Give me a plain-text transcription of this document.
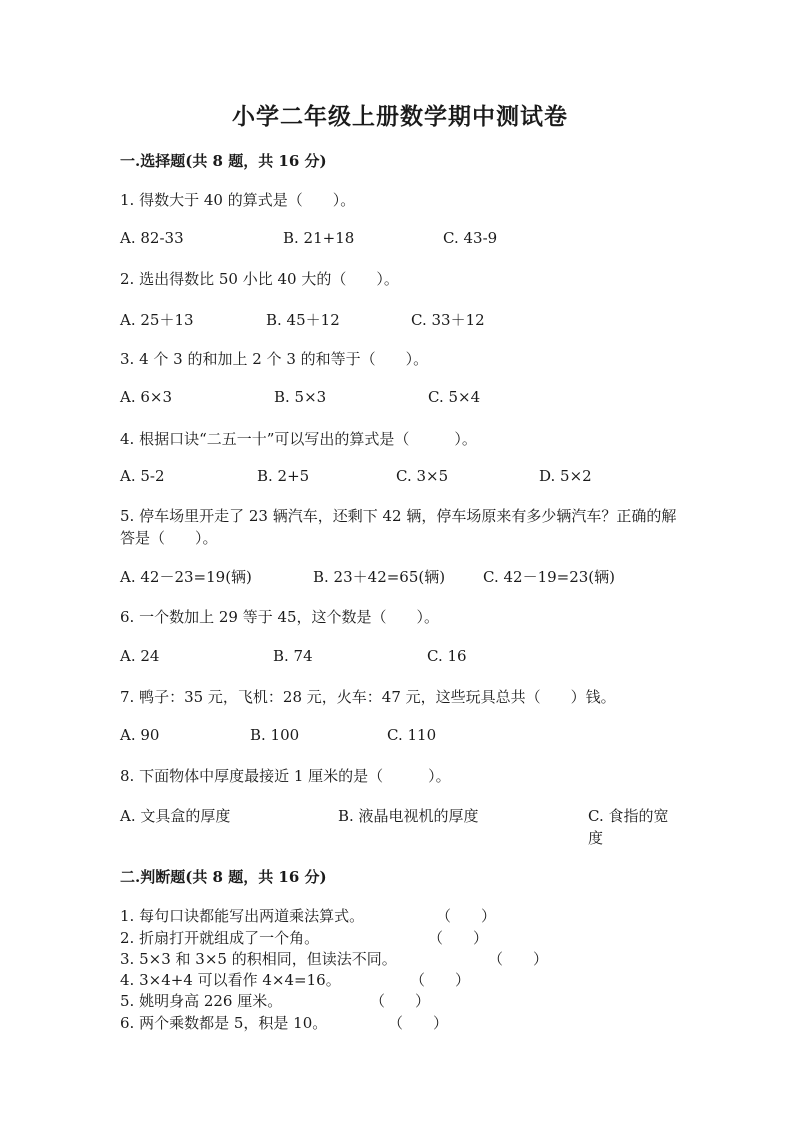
小学二年级上册数学期中测试卷
一.选择题(共 8 题，共 16 分)
1. 得数大于 40 的算式是（　　）。
A. 82-33	B. 21+18	C. 43-9
2. 选出得数比 50 小比 40 大的（　　）。
A. 25＋13	B. 45＋12	C. 33＋12
3. 4 个 3 的和加上 2 个 3 的和等于（　　）。
A. 6×3	B. 5×3	C. 5×4
4. 根据口诀“二五一十”可以写出的算式是（　　　）。
A. 5-2	B. 2+5	C. 3×5	D. 5×2
5. 停车场里开走了 23 辆汽车，还剩下 42 辆，停车场原来有多少辆汽车？正确的解答是（　　）。
A. 42－23=19(辆)	B. 23＋42=65(辆)	C. 42－19=23(辆)
6. 一个数加上 29 等于 45，这个数是（　　）。
A. 24	B. 74	C. 16
7. 鸭子：35 元，飞机：28 元，火车：47 元，这些玩具总共（　　）钱。
A. 90	B. 100	C. 110
8. 下面物体中厚度最接近 1 厘米的是（　　　）。
A. 文具盒的厚度	B. 液晶电视机的厚度	C. 食指的宽度
二.判断题(共 8 题，共 16 分)
1. 每句口诀都能写出两道乘法算式。	（　　）
2. 折扇打开就组成了一个角。	（　　）
3. 5×3 和 3×5 的积相同，但读法不同。	（　　）
4. 3×4+4 可以看作 4×4=16。	（　　）
5. 姚明身高 226 厘米。	（　　）
6. 两个乘数都是 5，积是 10。	（　　）
